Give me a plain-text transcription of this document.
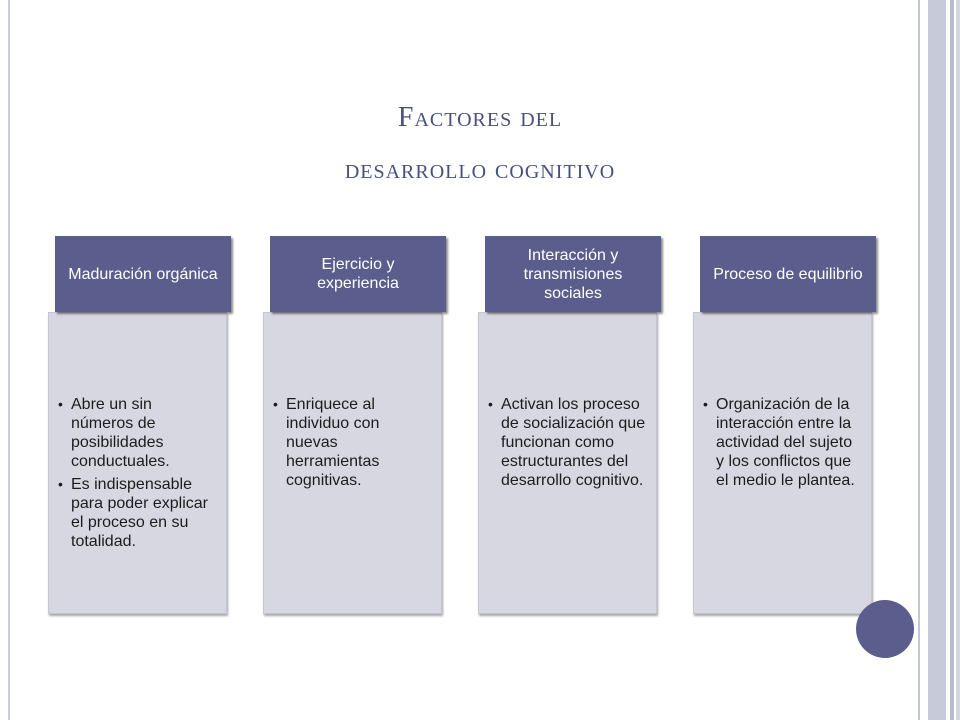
Factores del
desarrollo cognitivo
• Abre un sin números de posibilidades conductuales.
• Es indispensable para poder explicar el proceso en su totalidad.
Maduración orgánica
• Enriquece al individuo con nuevas herramientas cognitivas.
Ejercicio y experiencia
• Activan los proceso de socialización que funcionan como estructurantes del desarrollo cognitivo.
Interacción y transmisiones sociales
• Organización de la interacción entre la actividad del sujeto y los conflictos que el medio le plantea.
Proceso de equilibrio
